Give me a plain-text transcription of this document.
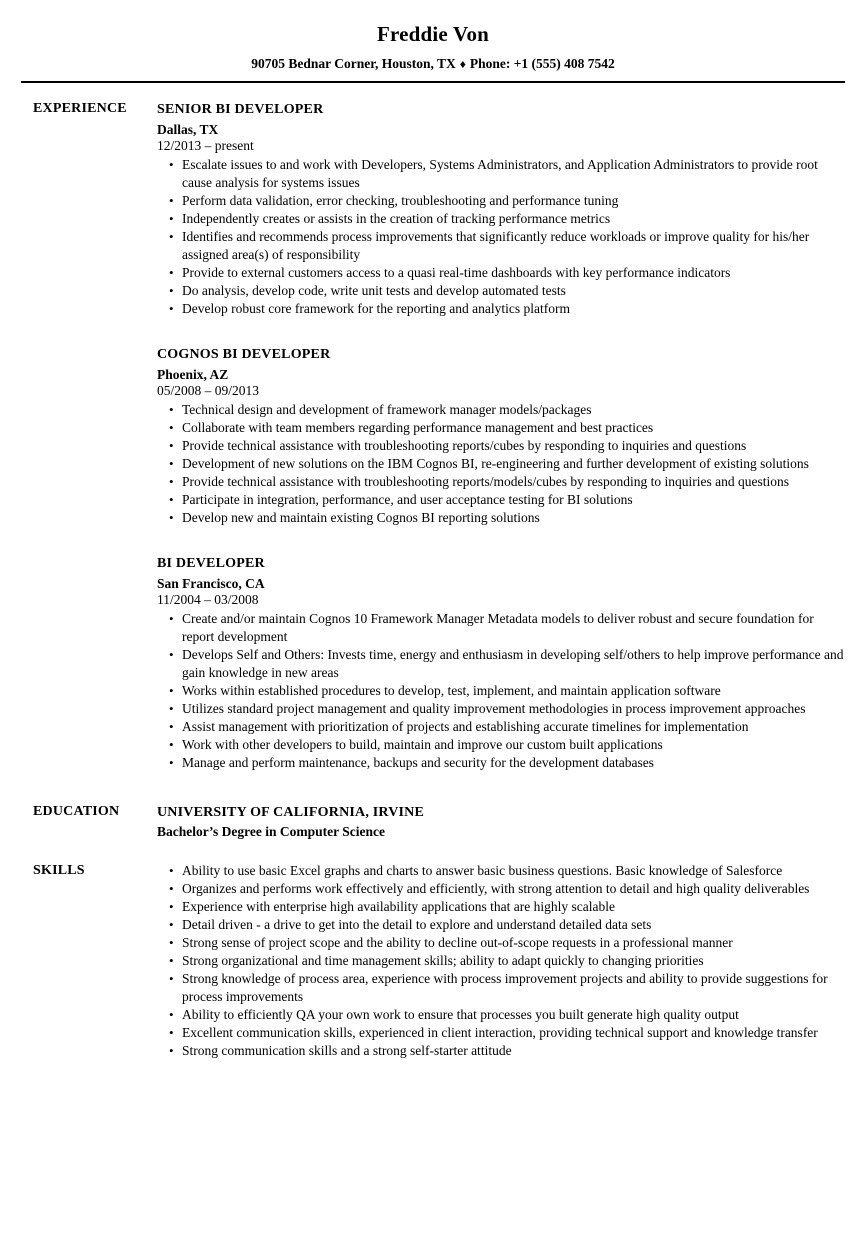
Freddie Von
90705 Bednar Corner, Houston, TX ♦ Phone: +1 (555) 408 7542
EXPERIENCE	SENIOR BI DEVELOPER
Dallas, TX
12/2013 – present
• Escalate issues to and work with Developers, Systems Administrators, and Application Administrators to provide root cause analysis for systems issues
• Perform data validation, error checking, troubleshooting and performance tuning
• Independently creates or assists in the creation of tracking performance metrics
• Identifies and recommends process improvements that significantly reduce workloads or improve quality for his/her assigned area(s) of responsibility
• Provide to external customers access to a quasi real-time dashboards with key performance indicators
• Do analysis, develop code, write unit tests and develop automated tests
• Develop robust core framework for the reporting and analytics platform
COGNOS BI DEVELOPER
Phoenix, AZ
05/2008 – 09/2013
• Technical design and development of framework manager models/packages
• Collaborate with team members regarding performance management and best practices
• Provide technical assistance with troubleshooting reports/cubes by responding to inquiries and questions
• Development of new solutions on the IBM Cognos BI, re-engineering and further development of existing solutions
• Provide technical assistance with troubleshooting reports/models/cubes by responding to inquiries and questions
• Participate in integration, performance, and user acceptance testing for BI solutions
• Develop new and maintain existing Cognos BI reporting solutions
BI DEVELOPER
San Francisco, CA
11/2004 – 03/2008
• Create and/or maintain Cognos 10 Framework Manager Metadata models to deliver robust and secure foundation for report development
• Develops Self and Others: Invests time, energy and enthusiasm in developing self/others to help improve performance and gain knowledge in new areas
• Works within established procedures to develop, test, implement, and maintain application software
• Utilizes standard project management and quality improvement methodologies in process improvement approaches
• Assist management with prioritization of projects and establishing accurate timelines for implementation
• Work with other developers to build, maintain and improve our custom built applications
• Manage and perform maintenance, backups and security for the development databases
EDUCATION	UNIVERSITY OF CALIFORNIA, IRVINE
Bachelor’s Degree in Computer Science
SKILLS	• Ability to use basic Excel graphs and charts to answer basic business questions. Basic knowledge of Salesforce
• Organizes and performs work effectively and efficiently, with strong attention to detail and high quality deliverables
• Experience with enterprise high availability applications that are highly scalable
• Detail driven - a drive to get into the detail to explore and understand detailed data sets
• Strong sense of project scope and the ability to decline out-of-scope requests in a professional manner
• Strong organizational and time management skills; ability to adapt quickly to changing priorities
• Strong knowledge of process area, experience with process improvement projects and ability to provide suggestions for process improvements
• Ability to efficiently QA your own work to ensure that processes you built generate high quality output
• Excellent communication skills, experienced in client interaction, providing technical support and knowledge transfer
• Strong communication skills and a strong self-starter attitude
